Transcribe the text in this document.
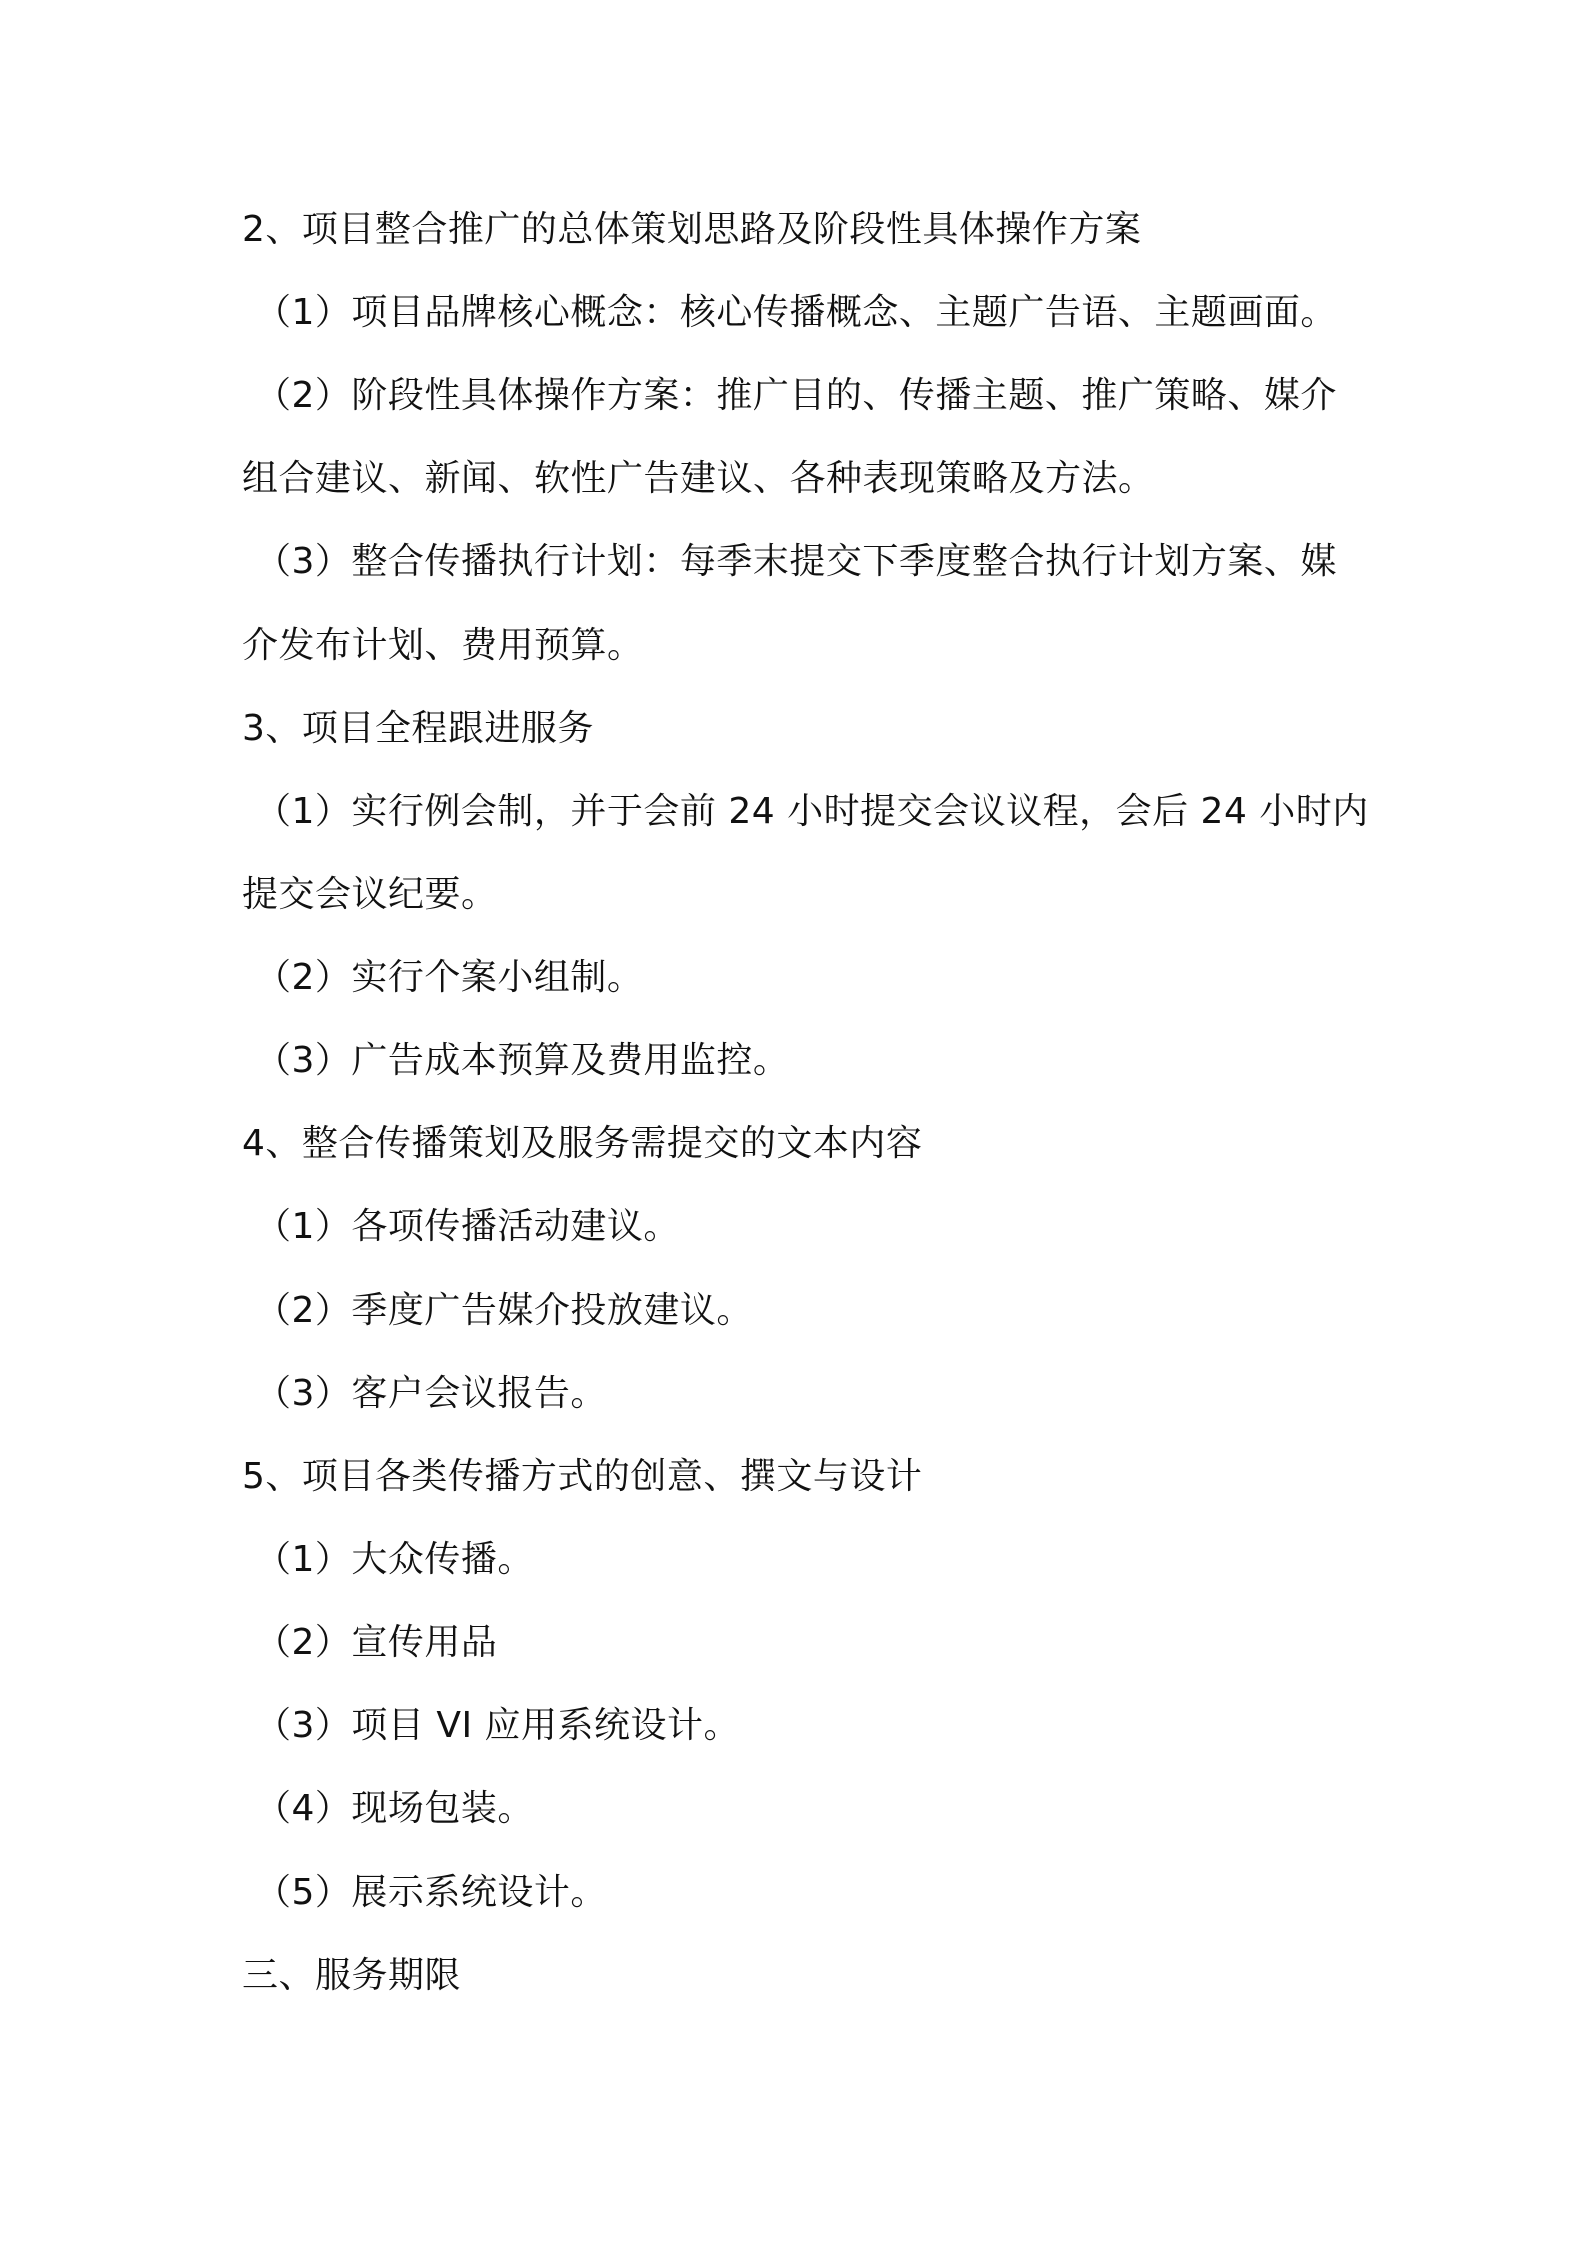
2、项目整合推广的总体策划思路及阶段性具体操作方案
（1）项目品牌核心概念：核心传播概念、主题广告语、主题画面。
（2）阶段性具体操作方案：推广目的、传播主题、推广策略、媒介
组合建议、新闻、软性广告建议、各种表现策略及方法。
（3）整合传播执行计划：每季末提交下季度整合执行计划方案、媒
介发布计划、费用预算。
3、项目全程跟进服务
（1）实行例会制，并于会前 24 小时提交会议议程，会后 24 小时内
提交会议纪要。
（2）实行个案小组制。
（3）广告成本预算及费用监控。
4、整合传播策划及服务需提交的文本内容
（1）各项传播活动建议。
（2）季度广告媒介投放建议。
（3）客户会议报告。
5、项目各类传播方式的创意、撰文与设计
（1）大众传播。
（2）宣传用品
（3）项目 VI 应用系统设计。
（4）现场包装。
（5）展示系统设计。
三、服务期限
